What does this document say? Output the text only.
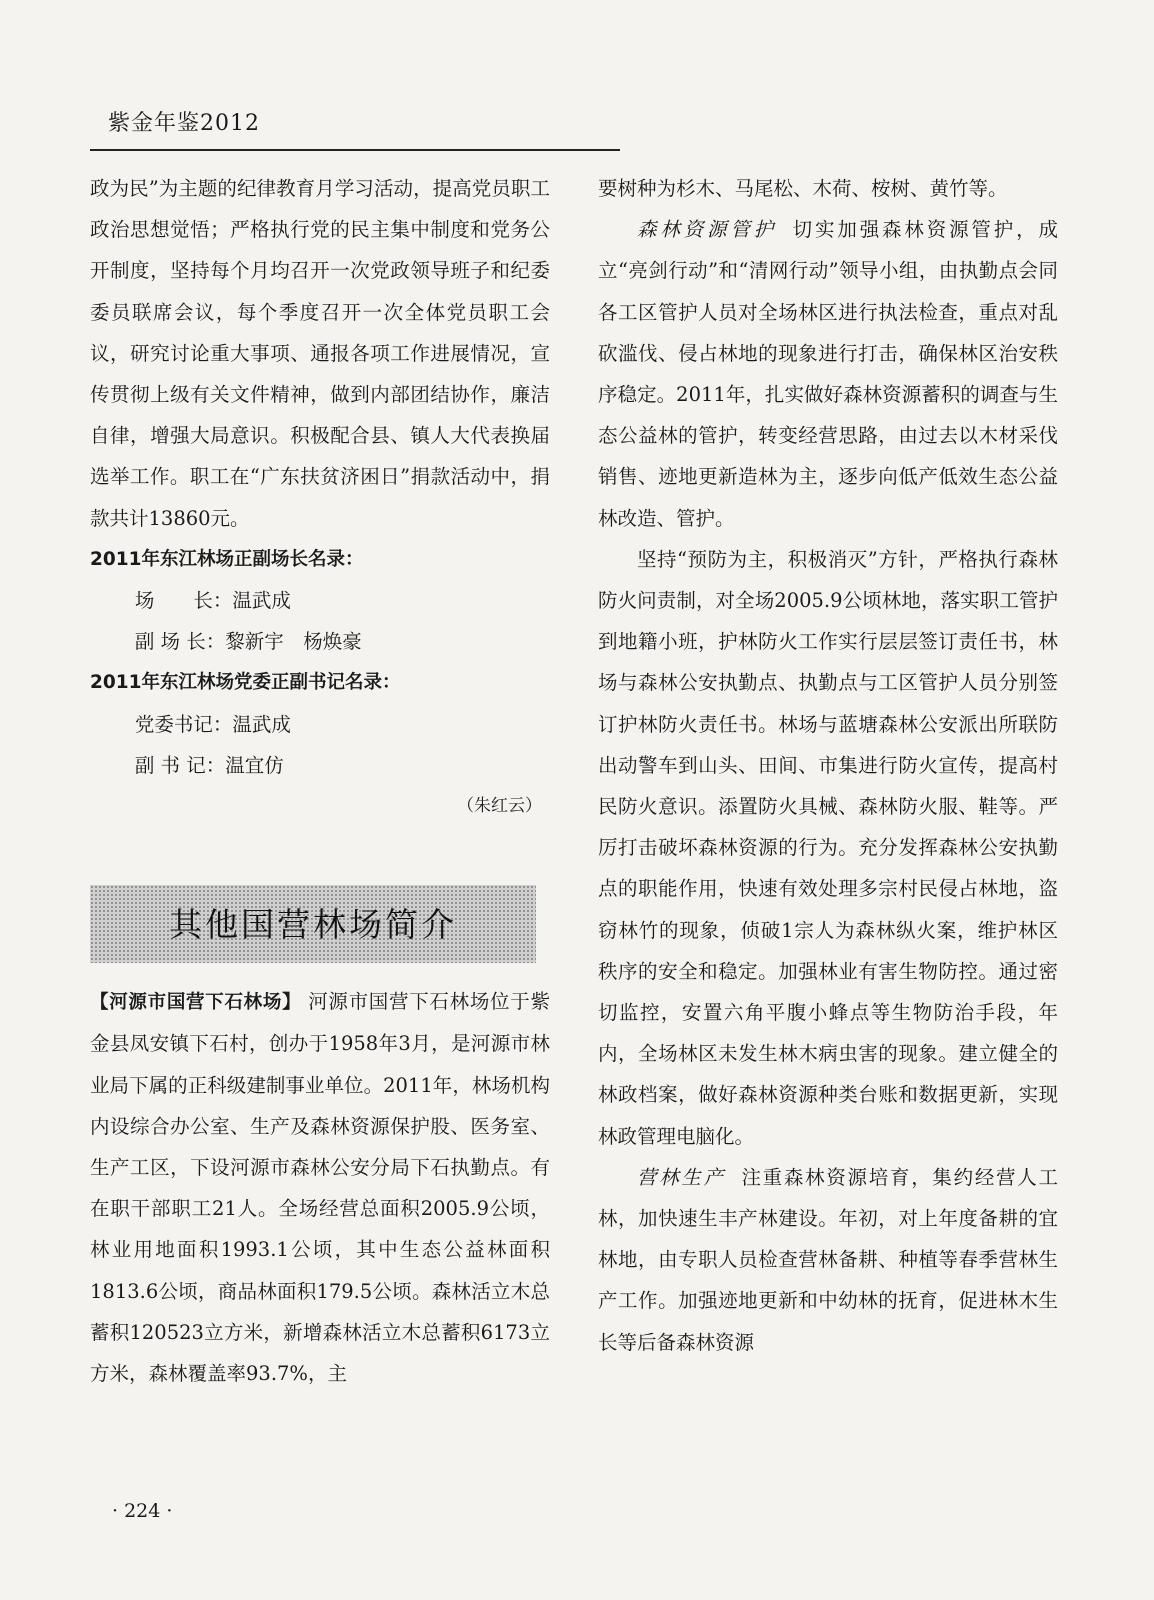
紫金年鉴2012

政为民”为主题的纪律教育月学习活动，提高党员职工政治思想觉悟；严格执行党的民主集中制度和党务公开制度，坚持每个月均召开一次党政领导班子和纪委委员联席会议，每个季度召开一次全体党员职工会议，研究讨论重大事项、通报各项工作进展情况，宣传贯彻上级有关文件精神，做到内部团结协作，廉洁自律，增强大局意识。积极配合县、镇人大代表换届选举工作。职工在“广东扶贫济困日”捐款活动中，捐款共计13860元。

2011年东江林场正副场长名录：

场　　长：温武成

副 场 长：黎新宇　杨焕豪

2011年东江林场党委正副书记名录：

党委书记：温武成

副 书 记：温宜仿

（朱红云）

其他国营林场简介

【河源市国营下石林场】 河源市国营下石林场位于紫金县凤安镇下石村，创办于1958年3月，是河源市林业局下属的正科级建制事业单位。2011年，林场机构内设综合办公室、生产及森林资源保护股、医务室、生产工区，下设河源市森林公安分局下石执勤点。有在职干部职工21人。全场经营总面积2005.9公顷，林业用地面积1993.1公顷，其中生态公益林面积1813.6公顷，商品林面积179.5公顷。森林活立木总蓄积120523立方米，新增森林活立木总蓄积6173立方米，森林覆盖率93.7%，主

要树种为杉木、马尾松、木荷、桉树、黄竹等。

森林资源管护 切实加强森林资源管护，成立“亮剑行动”和“清网行动”领导小组，由执勤点会同各工区管护人员对全场林区进行执法检查，重点对乱砍滥伐、侵占林地的现象进行打击，确保林区治安秩序稳定。2011年，扎实做好森林资源蓄积的调查与生态公益林的管护，转变经营思路，由过去以木材采伐销售、迹地更新造林为主，逐步向低产低效生态公益林改造、管护。

坚持“预防为主，积极消灭”方针，严格执行森林防火问责制，对全场2005.9公顷林地，落实职工管护到地籍小班，护林防火工作实行层层签订责任书，林场与森林公安执勤点、执勤点与工区管护人员分别签订护林防火责任书。林场与蓝塘森林公安派出所联防出动警车到山头、田间、市集进行防火宣传，提高村民防火意识。添置防火具械、森林防火服、鞋等。严厉打击破坏森林资源的行为。充分发挥森林公安执勤点的职能作用，快速有效处理多宗村民侵占林地，盗窃林竹的现象，侦破1宗人为森林纵火案，维护林区秩序的安全和稳定。加强林业有害生物防控。通过密切监控，安置六角平腹小蜂点等生物防治手段，年内，全场林区未发生林木病虫害的现象。建立健全的林政档案，做好森林资源种类台账和数据更新，实现林政管理电脑化。

营林生产 注重森林资源培育，集约经营人工林，加快速生丰产林建设。年初，对上年度备耕的宜林地，由专职人员检查营林备耕、种植等春季营林生产工作。加强迹地更新和中幼林的抚育，促进林木生长等后备森林资源

· 224 ·
